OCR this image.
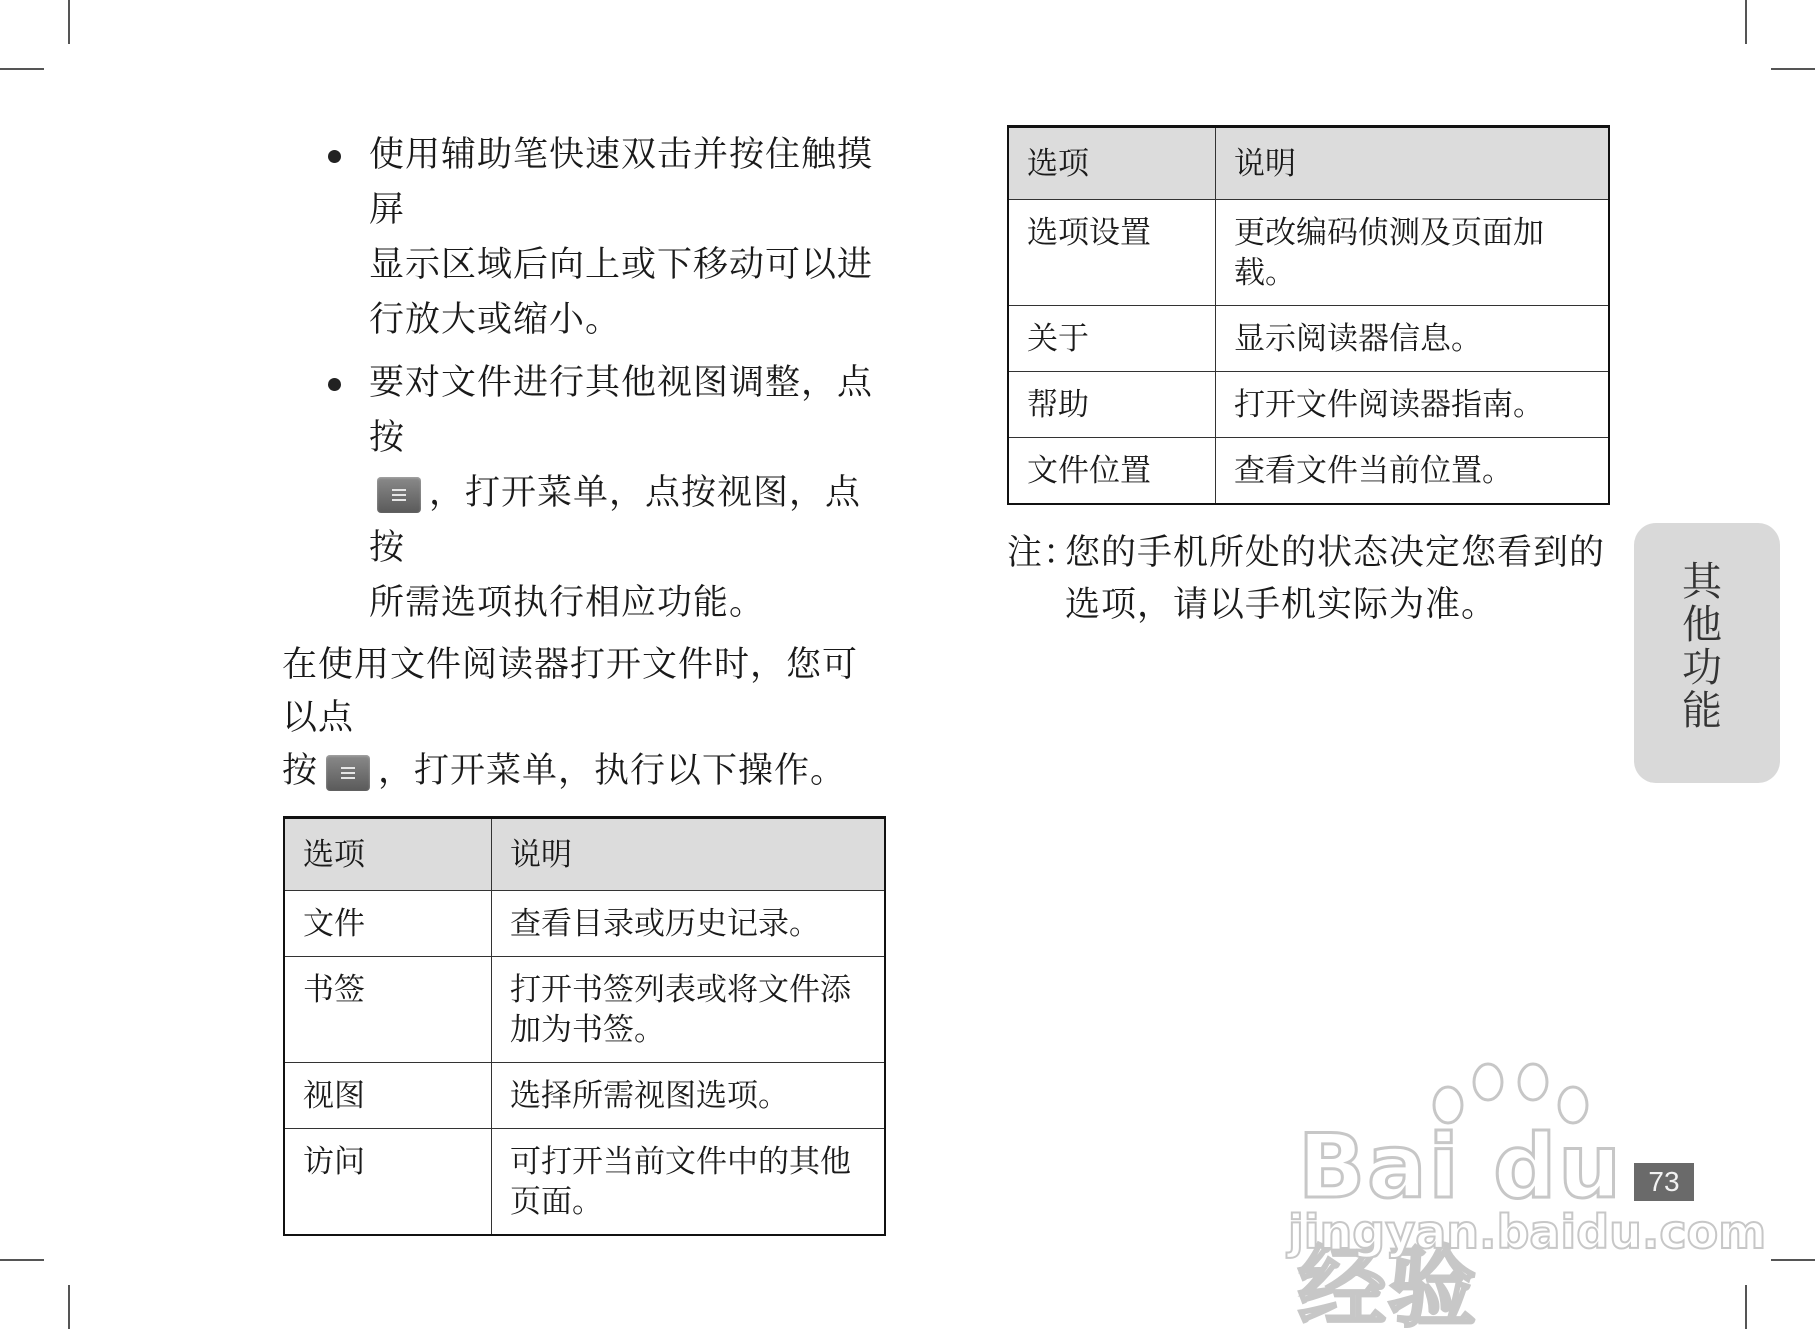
使用辅助笔快速双击并按住触摸屏
显示区域后向上或下移动可以进
行放大或缩小。
要对文件进行其他视图调整，点按
，打开菜单，点按视图，点按
所需选项执行相应功能。
在使用文件阅读器打开文件时，您可以点
按 ，打开菜单，执行以下操作。
选项	说明
文件	查看目录或历史记录。
书签	打开书签列表或将文件添加为书签。
视图	选择所需视图选项。
访问	可打开当前文件中的其他页面。
选项	说明
选项设置	更改编码侦测及页面加载。
关于	显示阅读器信息。
帮助	打开文件阅读器指南。
文件位置	查看文件当前位置。
注：
您的手机所处的状态决定您看到的选项，请以手机实际为准。	其他功能
73
Bai du 经验
jingyan.baidu.com
